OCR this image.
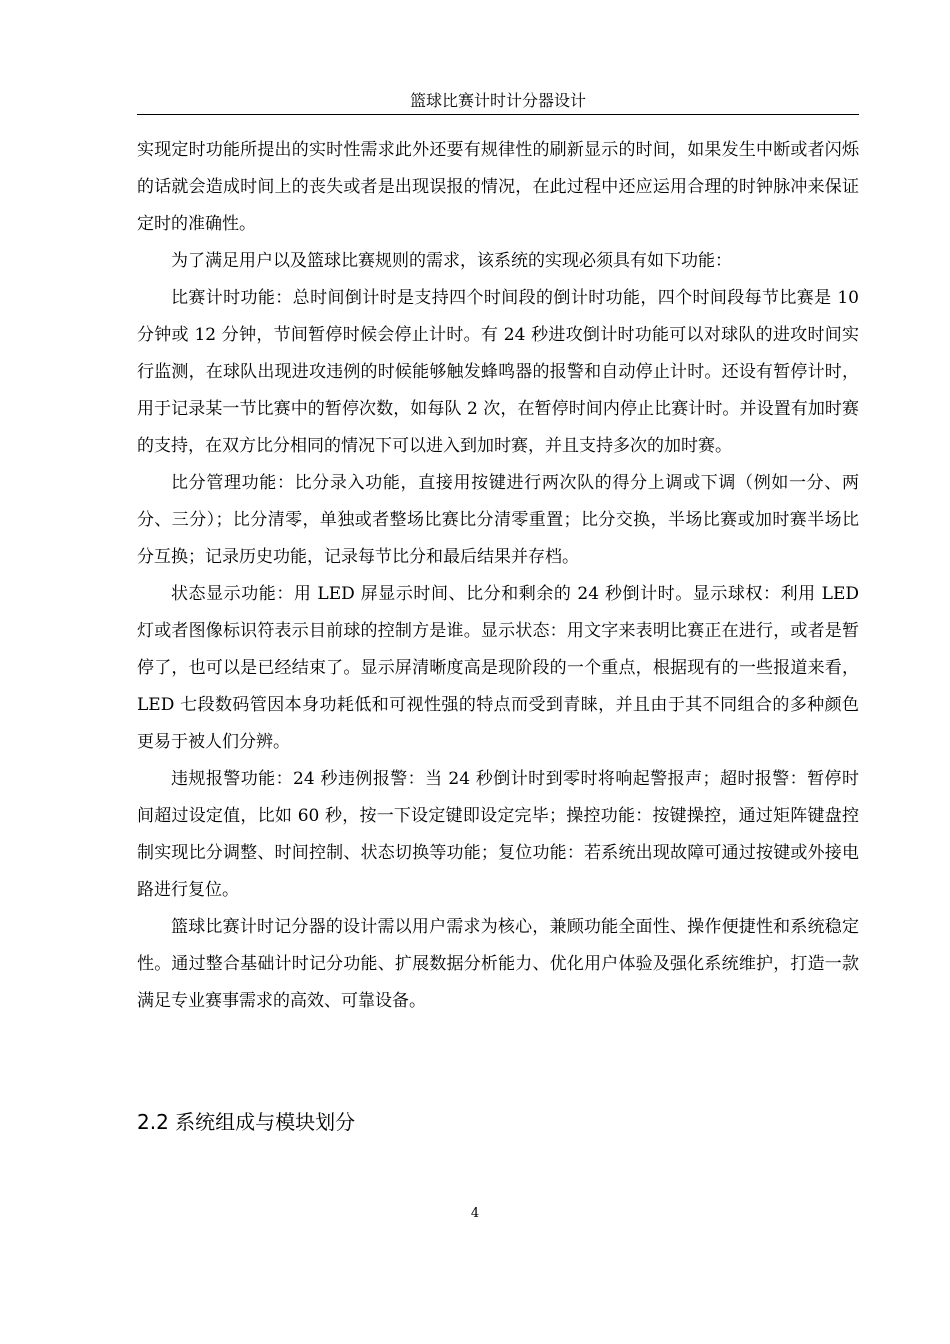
篮球比赛计时计分器设计

实现定时功能所提出的实时性需求此外还要有规律性的刷新显示的时间，如果发生中断或者闪烁的话就会造成时间上的丧失或者是出现误报的情况，在此过程中还应运用合理的时钟脉冲来保证定时的准确性。

为了满足用户以及篮球比赛规则的需求，该系统的实现必须具有如下功能：

比赛计时功能：总时间倒计时是支持四个时间段的倒计时功能，四个时间段每节比赛是 10 分钟或 12 分钟，节间暂停时候会停止计时。有 24 秒进攻倒计时功能可以对球队的进攻时间实行监测，在球队出现进攻违例的时候能够触发蜂鸣器的报警和自动停止计时。还设有暂停计时，用于记录某一节比赛中的暂停次数，如每队 2 次，在暂停时间内停止比赛计时。并设置有加时赛的支持，在双方比分相同的情况下可以进入到加时赛，并且支持多次的加时赛。

比分管理功能：比分录入功能，直接用按键进行两次队的得分上调或下调（例如一分、两分、三分）；比分清零，单独或者整场比赛比分清零重置；比分交换，半场比赛或加时赛半场比分互换；记录历史功能，记录每节比分和最后结果并存档。

状态显示功能：用 LED 屏显示时间、比分和剩余的 24 秒倒计时。显示球权：利用 LED 灯或者图像标识符表示目前球的控制方是谁。显示状态：用文字来表明比赛正在进行，或者是暂停了，也可以是已经结束了。显示屏清晰度高是现阶段的一个重点，根据现有的一些报道来看，LED 七段数码管因本身功耗低和可视性强的特点而受到青睐，并且由于其不同组合的多种颜色更易于被人们分辨。

违规报警功能：24 秒违例报警：当 24 秒倒计时到零时将响起警报声；超时报警：暂停时间超过设定值，比如 60 秒，按一下设定键即设定完毕；操控功能：按键操控，通过矩阵键盘控制实现比分调整、时间控制、状态切换等功能；复位功能：若系统出现故障可通过按键或外接电路进行复位。

篮球比赛计时记分器的设计需以用户需求为核心，兼顾功能全面性、操作便捷性和系统稳定性。通过整合基础计时记分功能、扩展数据分析能力、优化用户体验及强化系统维护，打造一款满足专业赛事需求的高效、可靠设备。

2.2 系统组成与模块划分
4
